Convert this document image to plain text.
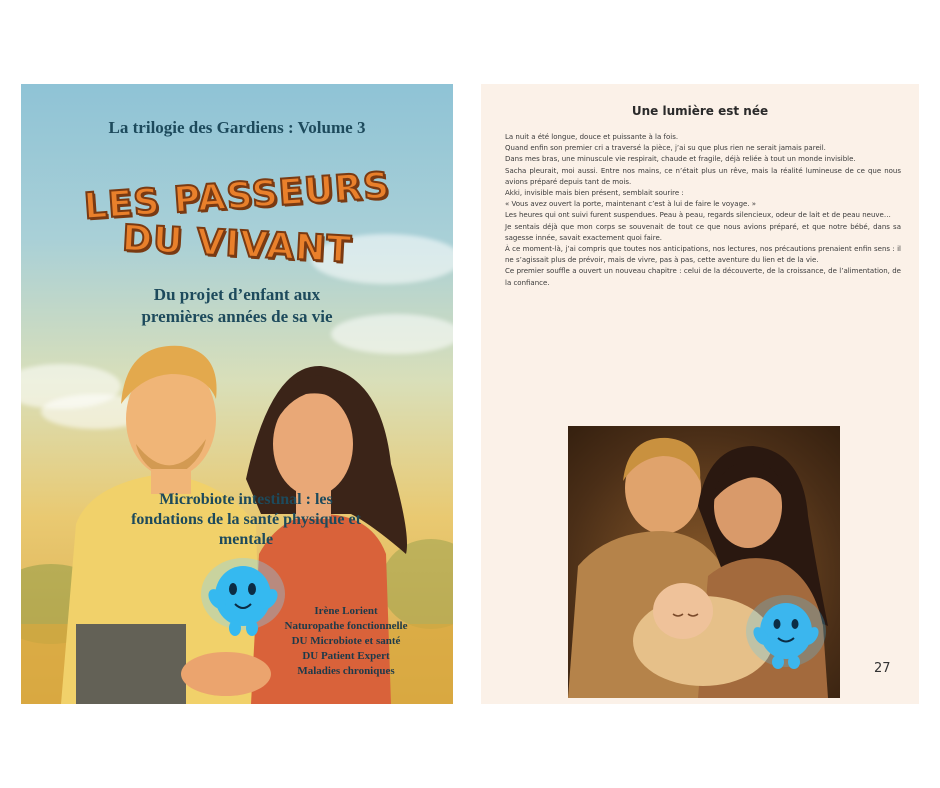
La trilogie des Gardiens : Volume 3
LES PASSEURS
DU VIVANT
Du projet d’enfant aux
premières années de sa vie
Microbiote intestinal : les
fondations de la santé physique et
mentale
Irène Lorient
Naturopathe fonctionnelle
DU Microbiote et santé
DU Patient Expert
Maladies chroniques
Une lumière est née

La nuit a été longue, douce et puissante à la fois.

Quand enfin son premier cri a traversé la pièce, j’ai su que plus rien ne serait jamais pareil.

Dans mes bras, une minuscule vie respirait, chaude et fragile, déjà reliée à tout un monde invisible.

Sacha pleurait, moi aussi. Entre nos mains, ce n’était plus un rêve, mais la réalité lumineuse de ce que nous avions préparé depuis tant de mois.

Akki, invisible mais bien présent, semblait sourire :

« Vous avez ouvert la porte, maintenant c’est à lui de faire le voyage. »

Les heures qui ont suivi furent suspendues. Peau à peau, regards silencieux, odeur de lait et de peau neuve…

Je sentais déjà que mon corps se souvenait de tout ce que nous avions préparé, et que notre bébé, dans sa sagesse innée, savait exactement quoi faire.

À ce moment-là, j’ai compris que toutes nos anticipations, nos lectures, nos précautions prenaient enfin sens : il ne s’agissait plus de prévoir, mais de vivre, pas à pas, cette aventure du lien et de la vie.

Ce premier souffle a ouvert un nouveau chapitre : celui de la découverte, de la croissance, de l’alimentation, de la confiance.

27
